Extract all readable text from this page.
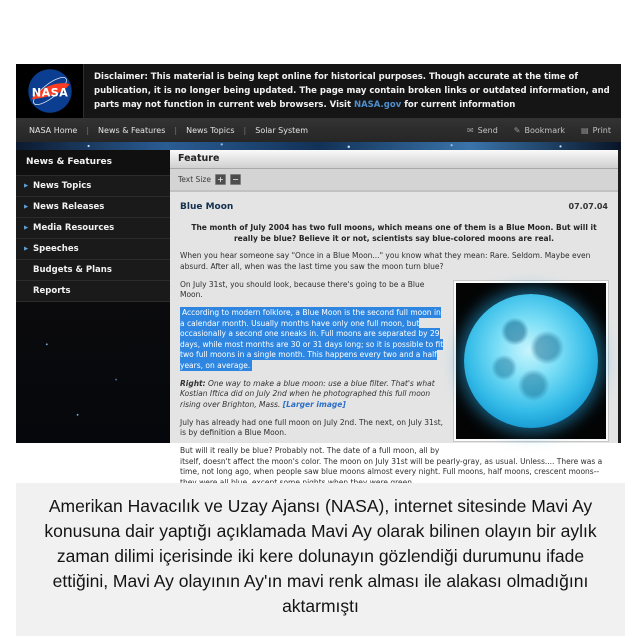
NASA
Disclaimer: This material is being kept online for historical purposes. Though accurate at the time of publication, it is no longer being updated. The page may contain broken links or outdated information, and parts may not function in current web browsers. Visit NASA.gov for current information
NASA Home	|	News & Features	|	News Topics	|	Solar System	✉ Send ✎ Bookmark ▤ Print
News & Features
▶ News Topics
▶ News Releases
▶ Media Resources
▶ Speeches
Budgets & Plans
Reports
Feature
Text Size + −
Blue Moon	07.07.04

The month of July 2004 has two full moons, which means one of them is a Blue Moon. But will it really be blue? Believe it or not, scientists say blue-colored moons are real.

When you hear someone say "Once in a Blue Moon..." you know what they mean: Rare. Seldom. Maybe even absurd. After all, when was the last time you saw the moon turn blue?

On July 31st, you should look, because there's going to be a Blue Moon.

According to modern folklore, a Blue Moon is the second full moon in a calendar month. Usually months have only one full moon, but occasionally a second one sneaks in. Full moons are separated by 29 days, while most months are 30 or 31 days long; so it is possible to fit two full moons in a single month. This happens every two and a half years, on average.

Right: One way to make a blue moon: use a blue filter. That's what Kostian Iftica did on July 2nd when he photographed this full moon rising over Brighton, Mass. [Larger image]

July has already had one full moon on July 2nd. The next, on July 31st, is by definition a Blue Moon.

But will it really be blue? Probably not. The date of a full moon, all by itself, doesn't affect the moon's color. The moon on July 31st will be pearly-gray, as usual. Unless.... There was a time, not long ago, when people saw blue moons almost every night. Full moons, half moons, crescent moons--

Amerikan Havacılık ve Uzay Ajansı (NASA), internet sitesinde Mavi Ay konusuna dair yaptığı açıklamada Mavi Ay olarak bilinen olayın bir aylık zaman dilimi içerisinde iki kere dolunayın gözlendiği durumunu ifade ettiğini, Mavi Ay olayının Ay'ın mavi renk alması ile alakası olmadığını aktarmıştı
